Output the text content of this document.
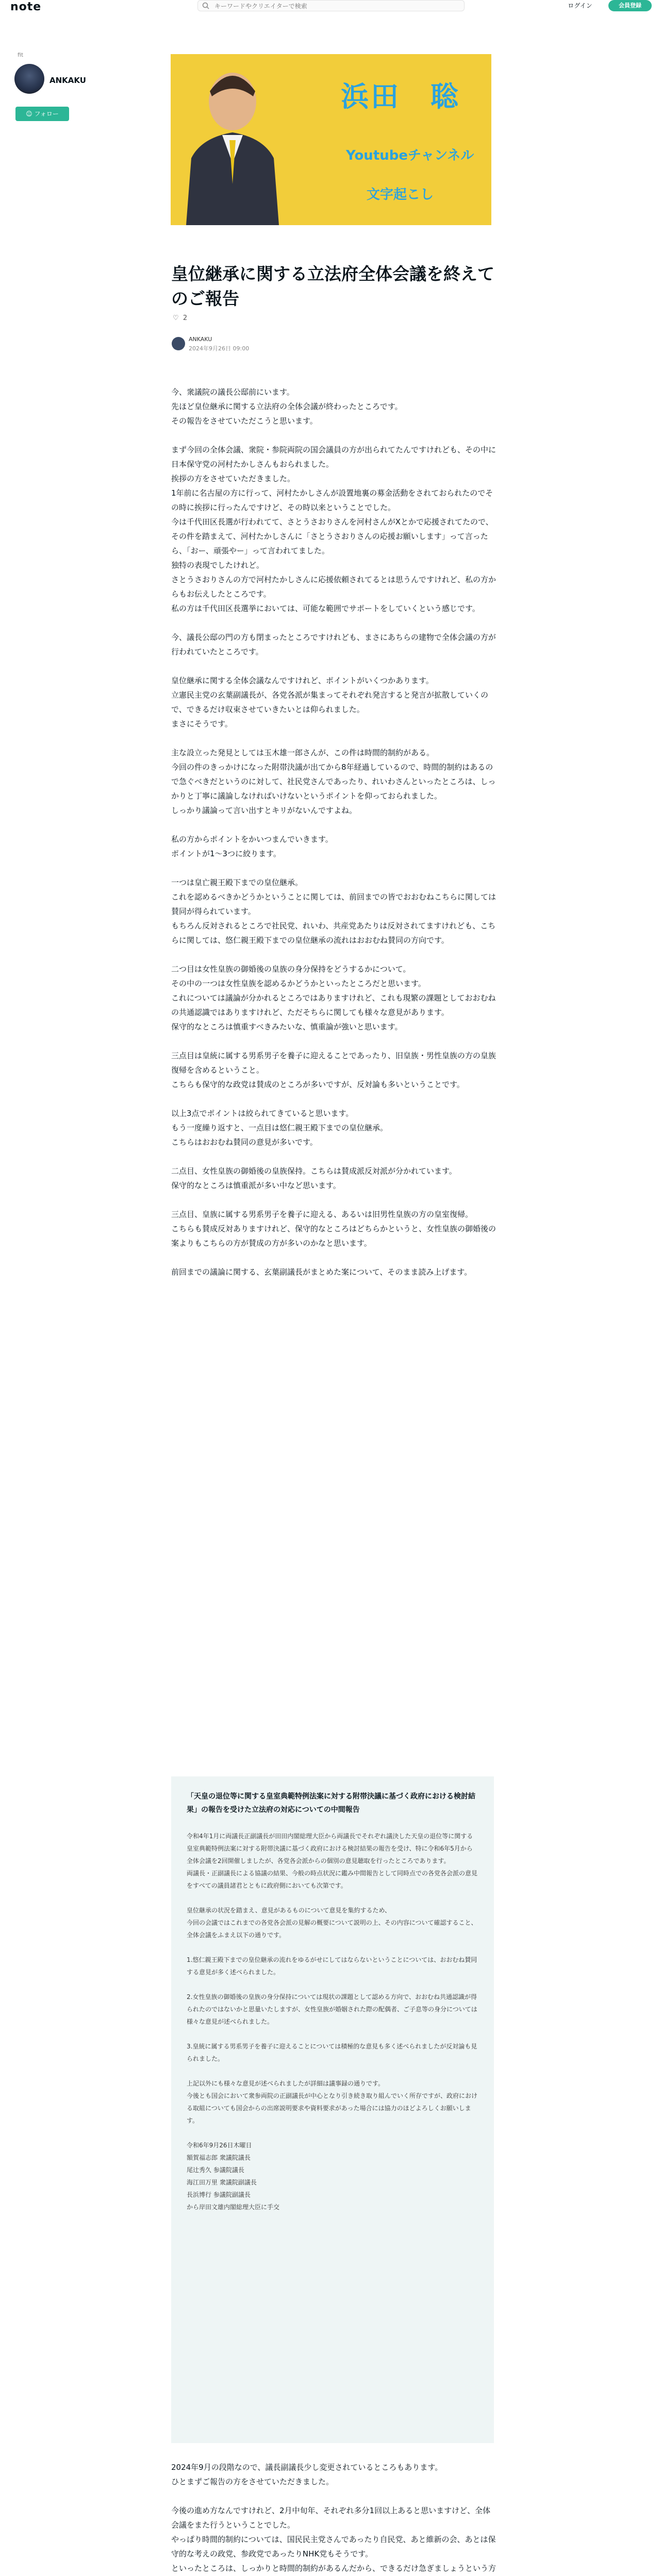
note
キーワードやクリエイターで検索	ログイン	会員登録
fit
ANKAKU
☺ フォロー
浜田　聡
Youtubeチャンネル
文字起こし
皇位継承に関する立法府全体会議を終えてのご報告
♡ 2
ANKAKU
2024年9月26日 09:00

今、衆議院の議長公邸前にいます。
先ほど皇位継承に関する立法府の全体会議が終わったところです。
その報告をさせていただこうと思います。

まず今回の全体会議、衆院・参院両院の国会議員の方が出られてたんですけれども、その中に日本保守党の河村たかしさんもおられました。
挨拶の方をさせていただきました。
1年前に名古屋の方に行って、河村たかしさんが設置地裏の募金活動をされておられたのでその時に挨拶に行ったんですけど、その時以来ということでした。
今は千代田区長選が行われてて、さとうさおりさんを河村さんがXとかで応援されてたので、その件を踏まえて、河村たかしさんに「さとうさおりさんの応援お願いします」って言ったら、「おー、頑張やー」って言われてました。
独特の表現でしたけれど。
さとうさおりさんの方で河村たかしさんに応援依頼されてるとは思うんですけれど、私の方からもお伝えしたところです。
私の方は千代田区長選挙においては、可能な範囲でサポートをしていくという感じです。

今、議長公邸の門の方も閉まったところですけれども、まさにあちらの建物で全体会議の方が行われていたところです。

皇位継承に関する全体会議なんですけれど、ポイントがいくつかあります。
立憲民主党の玄葉副議長が、各党各派が集まってそれぞれ発言すると発言が拡散していくので、できるだけ収束させていきたいとは仰られました。
まさにそうです。

主な設立った発見としては玉木雄一郎さんが、この件は時間的制約がある。
今回の件のきっかけになった附帯決議が出てから8年経過しているので、時間的制約はあるので急ぐべきだというのに対して、社民党さんであったり、れいわさんといったところは、しっかりと丁寧に議論しなければいけないというポイントを仰っておられました。
しっかり議論って言い出すとキリがないんですよね。

私の方からポイントをかいつまんでいきます。
ポイントが1〜3つに絞ります。

一つは皇亡親王殿下までの皇位継承。
これを認めるべきかどうかということに関しては、前回までの皆でおおむねこちらに関しては賛同が得られています。
もちろん反対されるところで社民党、れいわ、共産党あたりは反対されてますけれども、こちらに関しては、悠仁親王殿下までの皇位継承の流れはおおむね賛同の方向です。

二つ目は女性皇族の御婚後の皇族の身分保持をどうするかについて。
その中の一つは女性皇族を認めるかどうかといったところだと思います。
これについては議論が分かれるところではありますけれど、これも現繁の課題としておおむねの共通認識ではありますけれど、ただそちらに関しても様々な意見があります。
保守的なところは慎重すべきみたいな、慎重論が強いと思います。

三点目は皇統に属する男系男子を養子に迎えることであったり、旧皇族・男性皇族の方の皇族復帰を含めるということ。
こちらも保守的な政党は賛成のところが多いですが、反対論も多いということです。

以上3点でポイントは絞られてきていると思います。
もう一度繰り返すと、一点目は悠仁親王殿下までの皇位継承。
こちらはおおむね賛同の意見が多いです。

二点目、女性皇族の御婚後の皇族保持。こちらは賛成派反対派が分かれています。
保守的なところは慎重派が多い中など思います。

三点目、皇族に属する男系男子を養子に迎える、あるいは旧男性皇族の方の皇室復帰。
こちらも賛成反対ありますけれど、保守的なところはどちらかというと、女性皇族の御婚後の案よりもこちらの方が賛成の方が多いのかなと思います。

前回までの議論に関する、玄葉副議長がまとめた案について、そのまま読み上げます。

「天皇の退位等に関する皇室典範特例法案に対する附帯決議に基づく政府における検討結果」の報告を受けた立法府の対応についての中間報告

令和4年1月に両議長正副議長が田田内閣総理大臣から両議長でそれぞれ議決した天皇の退位等に関する皇室典範特例法案に対する附帯決議に基づく政府における検討結果の報告を受け、特に令和6年5月から全体会議を2回開催しましたが、各党各会派からの個別の意見聴取を行ったところであります。
両議長・正副議長による協議の結果、今般の時点状況に鑑み中間報告として同時点での各党各会派の意見をすべての議員諸君とともに政府側においても次第です。

皇位継承の状況を踏まえ、意見があるものについて意見を集約するため、
今回の会議ではこれまでの各党各会派の見解の概要について説明の上、その内容について確認すること、
全体会議をふまえ以下の通りです。

1.悠仁親王殿下までの皇位継承の流れをゆるがせにしてはならないということについては、おおむね賛同する意見が多く述べられました。

2.女性皇族の御婚後の皇族の身分保持については現状の課題として認める方向で、おおむね共通認識が得られたのではないかと思量いたしますが、女性皇族が婚姻された際の配偶者、ご子息等の身分については様々な意見が述べられました。

3.皇統に属する男系男子を養子に迎えることについては積極的な意見も多く述べられましたが反対論も見られました。

上記以外にも様々な意見が述べられましたが詳細は議事録の通りです。
今後とも国会において衆参両院の正副議長が中心となり引き続き取り組んでいく所存ですが、政府における取組についても国会からの出席説明要求や資料要求があった場合には協力のほどよろしくお願いします。

令和6年9月26日木曜日
額賀福志郎 衆議院議長
尾辻秀久 参議院議長
海江田万里 衆議院副議長
長浜博行 参議院副議長
から岸田文雄内閣総理大臣に手交

2024年9月の段階なので、議長副議長少し変更されているところもあります。
ひとまずご報告の方をさせていただきました。

今後の進め方なんですけれど、2月中旬年、それぞれ多分1回以上あると思いますけど、全体会議をまた行うということでした。
やっぱり時間的制約については、国民民主党さんであったり自民党、あと維新の会、あとは保守的な考えの政党、参政党であったりNHK党もそうです。
といったところは、しっかりと時間的制約があるんだから、できるだけ急ぎましょうという方
